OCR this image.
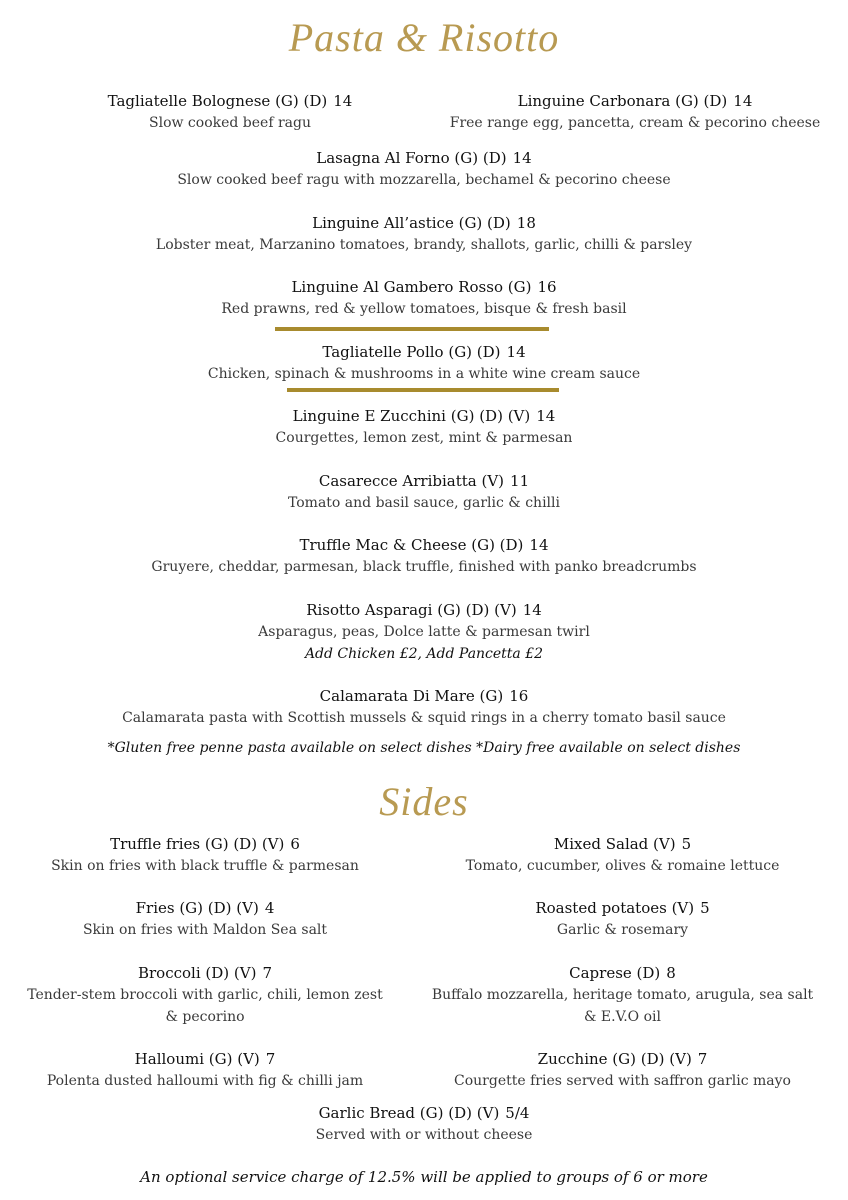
Pasta & Risotto
Tagliatelle Bolognese (G) (D) 14
Slow cooked beef ragu
Linguine Carbonara (G) (D) 14
Free range egg, pancetta, cream & pecorino cheese
Lasagna Al Forno (G) (D) 14
Slow cooked beef ragu with mozzarella, bechamel & pecorino cheese
Linguine All’astice (G) (D) 18
Lobster meat, Marzanino tomatoes, brandy, shallots, garlic, chilli & parsley
Linguine Al Gambero Rosso (G) 16
Red prawns, red & yellow tomatoes, bisque & fresh basil
Tagliatelle Pollo (G) (D) 14
Chicken, spinach & mushrooms in a white wine cream sauce
Linguine E Zucchini (G) (D) (V) 14
Courgettes, lemon zest, mint & parmesan
Casarecce Arribiatta (V) 11
Tomato and basil sauce, garlic & chilli
Truffle Mac & Cheese (G) (D) 14
Gruyere, cheddar, parmesan, black truffle, finished with panko breadcrumbs
Risotto Asparagi (G) (D) (V) 14
Asparagus, peas, Dolce latte & parmesan twirl
Add Chicken £2, Add Pancetta £2
Calamarata Di Mare (G) 16
Calamarata pasta with Scottish mussels & squid rings in a cherry tomato basil sauce
*Gluten free penne pasta available on select dishes *Dairy free available on select dishes
Sides
Truffle fries (G) (D) (V) 6
Skin on fries with black truffle & parmesan
Mixed Salad (V) 5
Tomato, cucumber, olives & romaine lettuce
Fries (G) (D) (V) 4
Skin on fries with Maldon Sea salt
Roasted potatoes (V) 5
Garlic & rosemary
Broccoli (D) (V) 7
Tender-stem broccoli with garlic, chili, lemon zest & pecorino
Caprese (D) 8
Buffalo mozzarella, heritage tomato, arugula, sea salt & E.V.O oil
Halloumi (G) (V) 7
Polenta dusted halloumi with fig & chilli jam
Zucchine (G) (D) (V) 7
Courgette fries served with saffron garlic mayo
Garlic Bread (G) (D) (V) 5/4
Served with or without cheese
An optional service charge of 12.5% will be applied to groups of 6 or more
